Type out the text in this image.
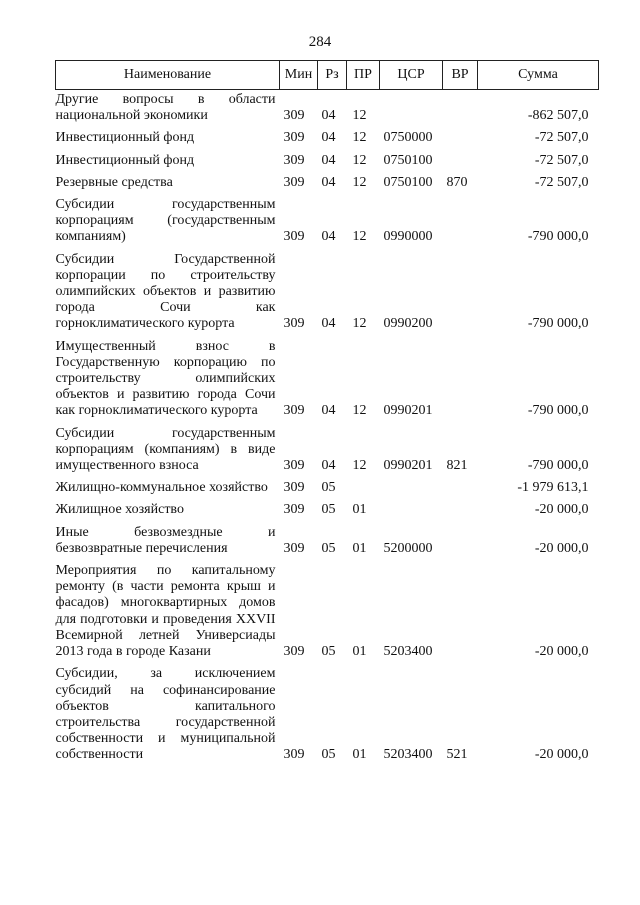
284
Наименование	Мин	Рз	ПР	ЦСР	ВР	Сумма
Другие вопросы в области национальной экономики	309	04	12			-862 507,0
Инвестиционный фонд	309	04	12	0750000		-72 507,0
Инвестиционный фонд	309	04	12	0750100		-72 507,0
Резервные средства	309	04	12	0750100	870	-72 507,0
Субсидии государственным корпорациям (государственным компаниям)	309	04	12	0990000		-790 000,0
Субсидии Государственной корпорации по строительству олимпийских объектов и развитию города Сочи как горноклиматического курорта	309	04	12	0990200		-790 000,0
Имущественный взнос в Государственную корпорацию по строительству олимпийских объектов и развитию города Сочи как горноклиматического курорта	309	04	12	0990201		-790 000,0
Субсидии государственным корпорациям (компаниям) в виде имущественного взноса	309	04	12	0990201	821	-790 000,0
Жилищно-коммунальное хозяйство	309	05				-1 979 613,1
Жилищное хозяйство	309	05	01			-20 000,0
Иные безвозмездные и безвозвратные перечисления	309	05	01	5200000		-20 000,0
Мероприятия по капитальному ремонту (в части ремонта крыш и фасадов) многоквартирных домов для подготовки и проведения XXVII Всемирной летней Универсиады 2013 года в городе Казани	309	05	01	5203400		-20 000,0
Субсидии, за исключением субсидий на софинансирование объектов капитального строительства государственной собственности и муниципальной собственности	309	05	01	5203400	521	-20 000,0
